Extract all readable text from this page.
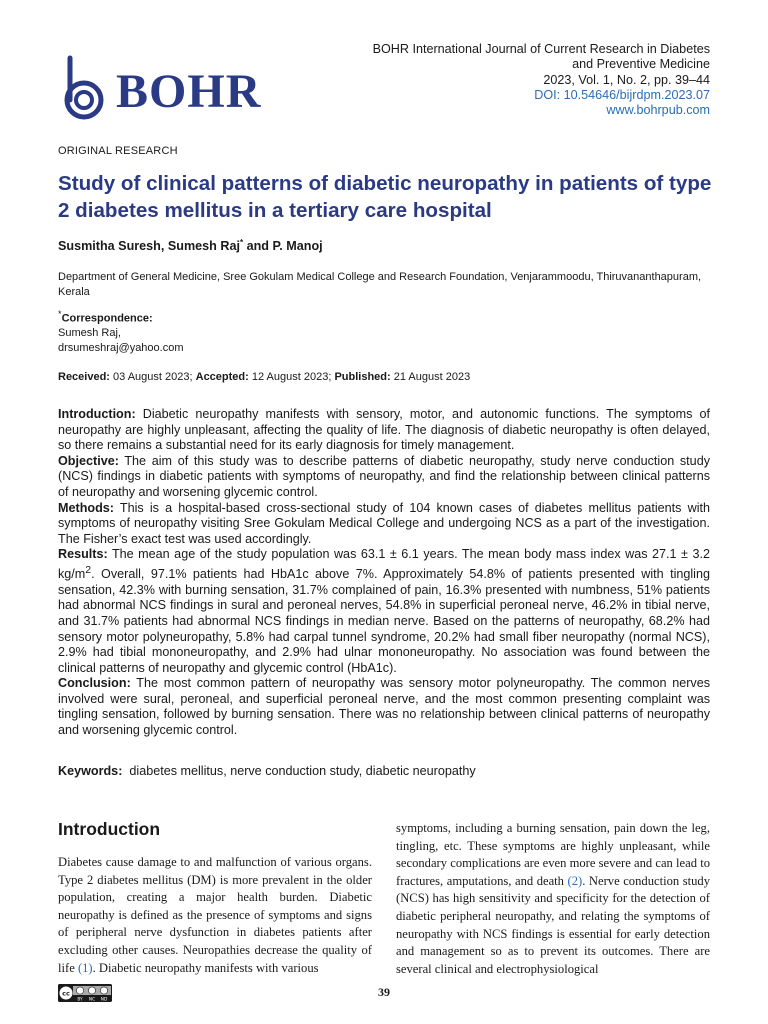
BOHR
BOHR International Journal of Current Research in Diabetes
and Preventive Medicine
2023, Vol. 1, No. 2, pp. 39–44
DOI: 10.54646/bijrdpm.2023.07
www.bohrpub.com
ORIGINAL RESEARCH
Study of clinical patterns of diabetic neuropathy in patients of type 2 diabetes mellitus in a tertiary care hospital
Susmitha Suresh, Sumesh Raj* and P. Manoj
Department of General Medicine, Sree Gokulam Medical College and Research Foundation, Venjarammoodu, Thiruvananthapuram, Kerala
*Correspondence:
Sumesh Raj,
drsumeshraj@yahoo.com
Received: 03 August 2023; Accepted: 12 August 2023; Published: 21 August 2023

Introduction: Diabetic neuropathy manifests with sensory, motor, and autonomic functions. The symptoms of neuropathy are highly unpleasant, affecting the quality of life. The diagnosis of diabetic neuropathy is often delayed, so there remains a substantial need for its early diagnosis for timely management.

Objective: The aim of this study was to describe patterns of diabetic neuropathy, study nerve conduction study (NCS) findings in diabetic patients with symptoms of neuropathy, and find the relationship between clinical patterns of neuropathy and worsening glycemic control.

Methods: This is a hospital-based cross-sectional study of 104 known cases of diabetes mellitus patients with symptoms of neuropathy visiting Sree Gokulam Medical College and undergoing NCS as a part of the investigation. The Fisher’s exact test was used accordingly.

Results: The mean age of the study population was 63.1 ± 6.1 years. The mean body mass index was 27.1 ± 3.2 $kg/m^2$. Overall, 97.1% patients had HbA1c above 7%. Approximately 54.8% of patients presented with tingling sensation, 42.3% with burning sensation, 31.7% complained of pain, 16.3% presented with numbness, 51% patients had abnormal NCS findings in sural and peroneal nerves, 54.8% in superficial peroneal nerve, 46.2% in tibial nerve, and 31.7% patients had abnormal NCS findings in median nerve. Based on the patterns of neuropathy, 68.2% had sensory motor polyneuropathy, 5.8% had carpal tunnel syndrome, 20.2% had small fiber neuropathy (normal NCS), 2.9% had tibial mononeuropathy, and 2.9% had ulnar mononeuropathy. No association was found between the clinical patterns of neuropathy and glycemic control (HbA1c).

Conclusion: The most common pattern of neuropathy was sensory motor polyneuropathy. The common nerves involved were sural, peroneal, and superficial peroneal nerve, and the most common presenting complaint was tingling sensation, followed by burning sensation. There was no relationship between clinical patterns of neuropathy and worsening glycemic control.

Keywords:  diabetes mellitus, nerve conduction study, diabetic neuropathy
Introduction

Diabetes cause damage to and malfunction of various organs. Type 2 diabetes mellitus (DM) is more prevalent in the older population, creating a major health burden. Diabetic neuropathy is defined as the presence of symptoms and signs of peripheral nerve dysfunction in diabetes patients after excluding other causes. Neuropathies decrease the quality of life (1). Diabetic neuropathy manifests with various

symptoms, including a burning sensation, pain down the leg, tingling, etc. These symptoms are highly unpleasant, while secondary complications are even more severe and can lead to fractures, amputations, and death (2). Nerve conduction study (NCS) has high sensitivity and specificity for the detection of diabetic peripheral neuropathy, and relating the symptoms of neuropathy with NCS findings is essential for early detection and management so as to prevent its outcomes. There are several clinical and electrophysiological

cc
BY NC ND
39
